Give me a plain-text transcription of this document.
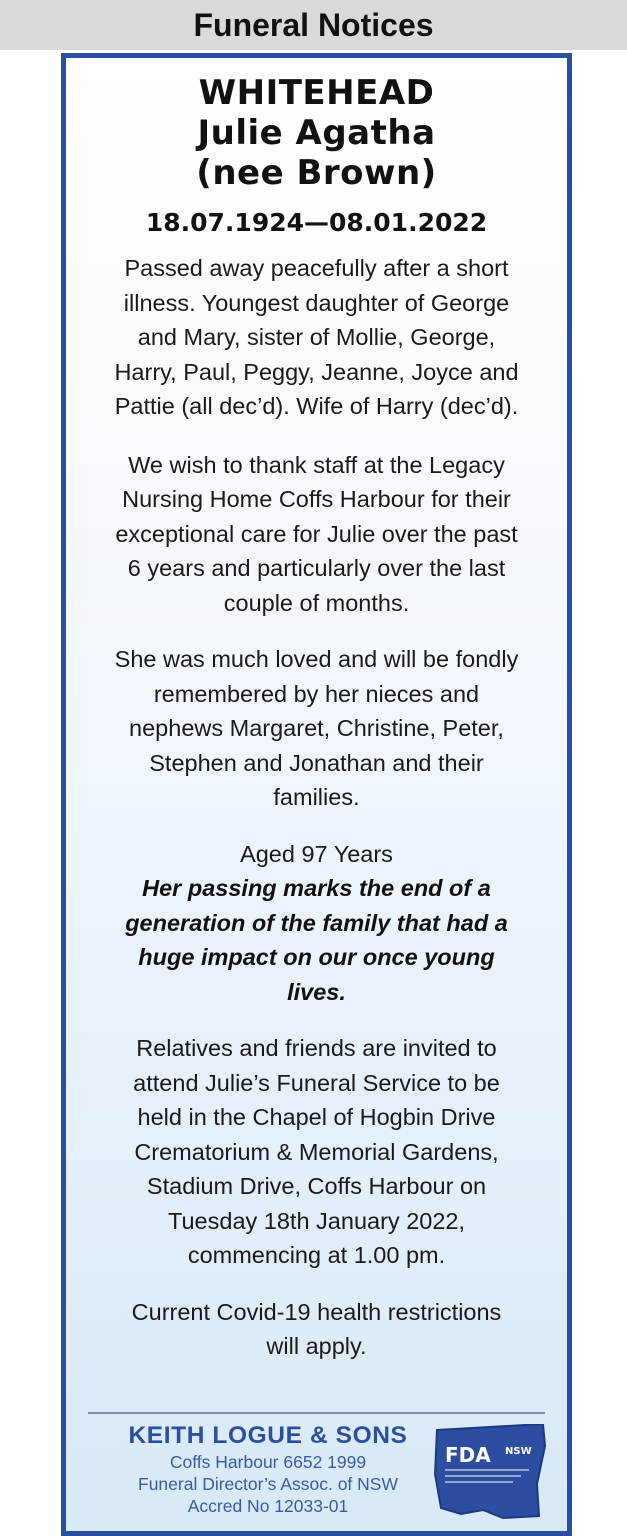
Funeral Notices
WHITEHEAD
Julie Agatha
(nee Brown)
18.07.1924—08.01.2022
Passed away peacefully after a short
illness. Youngest daughter of George
and Mary, sister of Mollie, George,
Harry, Paul, Peggy, Jeanne, Joyce and
Pattie (all dec’d). Wife of Harry (dec’d).
We wish to thank staff at the Legacy
Nursing Home Coffs Harbour for their
exceptional care for Julie over the past
6 years and particularly over the last
couple of months.
She was much loved and will be fondly
remembered by her nieces and
nephews Margaret, Christine, Peter,
Stephen and Jonathan and their
families.
Aged 97 Years
Her passing marks the end of a
generation of the family that had a
huge impact on our once young
lives.
Relatives and friends are invited to
attend Julie’s Funeral Service to be
held in the Chapel of Hogbin Drive
Crematorium & Memorial Gardens,
Stadium Drive, Coffs Harbour on
Tuesday 18th January 2022,
commencing at 1.00 pm.
Current Covid-19 health restrictions
will apply.
KEITH LOGUE & SONS
Coffs Harbour 6652 1999
Funeral Director’s Assoc. of NSW
Accred No 12033-01
FDA NSW
